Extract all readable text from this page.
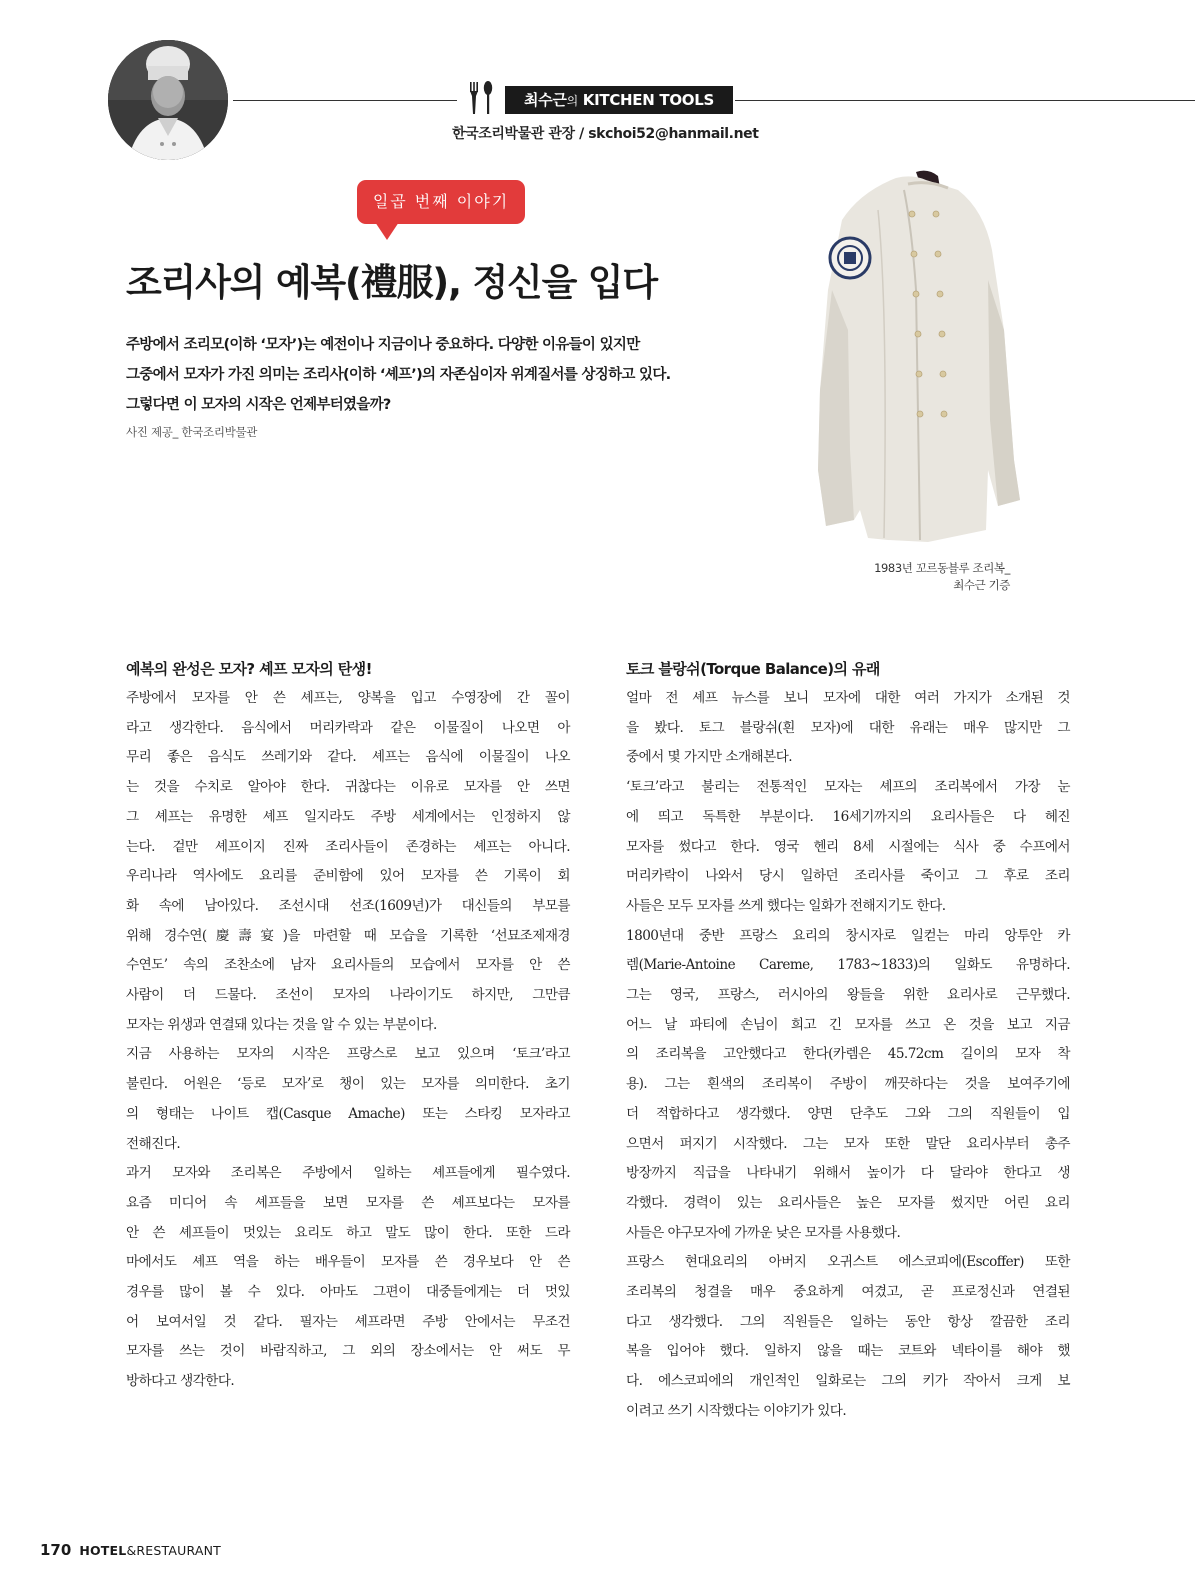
최수근의 KITCHEN TOOLS
한국조리박물관 관장 / skchoi52@hanmail.net
일곱 번째 이야기
조리사의 예복(禮服), 정신을 입다

주방에서 조리모(이하 ‘모자’)는 예전이나 지금이나 중요하다. 다양한 이유들이 있지만

그중에서 모자가 가진 의미는 조리사(이하 ‘셰프’)의 자존심이자 위계질서를 상징하고 있다.

그렇다면 이 모자의 시작은 언제부터였을까?

사진 제공_ 한국조리박물관
1983년 꼬르동블루 조리복_
최수근 기증
예복의 완성은 모자? 셰프 모자의 탄생!
주방에서 모자를 안 쓴 셰프는, 양복을 입고 수영장에 간 꼴이
라고 생각한다. 음식에서 머리카락과 같은 이물질이 나오면 아
무리 좋은 음식도 쓰레기와 같다. 셰프는 음식에 이물질이 나오
는 것을 수치로 알아야 한다. 귀찮다는 이유로 모자를 안 쓰면
그 셰프는 유명한 셰프 일지라도 주방 세계에서는 인정하지 않
는다. 겉만 셰프이지 진짜 조리사들이 존경하는 셰프는 아니다.
우리나라 역사에도 요리를 준비함에 있어 모자를 쓴 기록이 회
화 속에 남아있다. 조선시대 선조(1609년)가 대신들의 부모를
위해 경수연(慶壽宴)을 마련할 때 모습을 기록한 ‘선묘조제재경
수연도’ 속의 조찬소에 남자 요리사들의 모습에서 모자를 안 쓴
사람이 더 드물다. 조선이 모자의 나라이기도 하지만, 그만큼
모자는 위생과 연결돼 있다는 것을 알 수 있는 부분이다.
지금 사용하는 모자의 시작은 프랑스로 보고 있으며 ‘토크’라고
불린다. 어원은 ‘등로 모자’로 챙이 있는 모자를 의미한다. 초기
의 형태는 나이트 캡(Casque Amache) 또는 스타킹 모자라고
전해진다.
과거 모자와 조리복은 주방에서 일하는 셰프들에게 필수였다.
요즘 미디어 속 셰프들을 보면 모자를 쓴 셰프보다는 모자를
안 쓴 셰프들이 멋있는 요리도 하고 말도 많이 한다. 또한 드라
마에서도 셰프 역을 하는 배우들이 모자를 쓴 경우보다 안 쓴
경우를 많이 볼 수 있다. 아마도 그편이 대중들에게는 더 멋있
어 보여서일 것 같다. 필자는 셰프라면 주방 안에서는 무조건
모자를 쓰는 것이 바람직하고, 그 외의 장소에서는 안 써도 무
방하다고 생각한다.
토크 블랑쉬(Torque Balance)의 유래
얼마 전 셰프 뉴스를 보니 모자에 대한 여러 가지가 소개된 것
을 봤다. 토그 블랑쉬(흰 모자)에 대한 유래는 매우 많지만 그
중에서 몇 가지만 소개해본다.
‘토크’라고 불리는 전통적인 모자는 셰프의 조리복에서 가장 눈
에 띄고 독특한 부분이다. 16세기까지의 요리사들은 다 헤진
모자를 썼다고 한다. 영국 헨리 8세 시절에는 식사 중 수프에서
머리카락이 나와서 당시 일하던 조리사를 죽이고 그 후로 조리
사들은 모두 모자를 쓰게 했다는 일화가 전해지기도 한다.
1800년대 중반 프랑스 요리의 창시자로 일컫는 마리 앙투안 카
렘(Marie-Antoine Careme, 1783~1833)의 일화도 유명하다.
그는 영국, 프랑스, 러시아의 왕들을 위한 요리사로 근무했다.
어느 날 파티에 손님이 희고 긴 모자를 쓰고 온 것을 보고 지금
의 조리복을 고안했다고 한다(카렘은 45.72cm 길이의 모자 착
용). 그는 흰색의 조리복이 주방이 깨끗하다는 것을 보여주기에
더 적합하다고 생각했다. 양면 단추도 그와 그의 직원들이 입
으면서 퍼지기 시작했다. 그는 모자 또한 말단 요리사부터 총주
방장까지 직급을 나타내기 위해서 높이가 다 달라야 한다고 생
각했다. 경력이 있는 요리사들은 높은 모자를 썼지만 어린 요리
사들은 야구모자에 가까운 낮은 모자를 사용했다.
프랑스 현대요리의 아버지 오귀스트 에스코피에(Escoffer) 또한
조리복의 청결을 매우 중요하게 여겼고, 곧 프로정신과 연결된
다고 생각했다. 그의 직원들은 일하는 동안 항상 깔끔한 조리
복을 입어야 했다. 일하지 않을 때는 코트와 넥타이를 해야 했
다. 에스코피에의 개인적인 일화로는 그의 키가 작아서 크게 보
이려고 쓰기 시작했다는 이야기가 있다.
170 HOTEL&RESTAURANT
